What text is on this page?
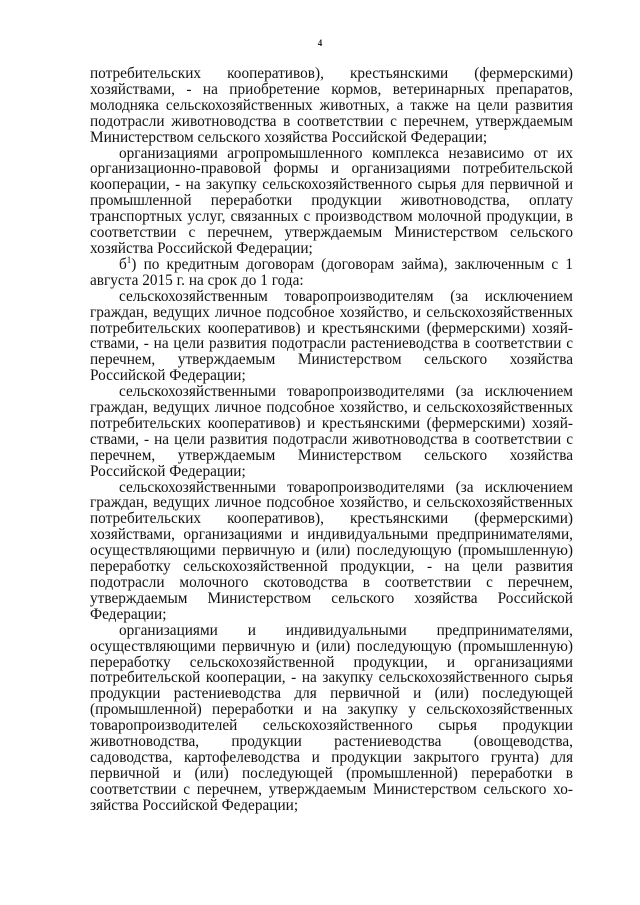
4

потребительских кооперативов), крестьянскими (фермерскими) хозяйствами, - на приобретение кормов, ветеринарных препаратов, молодняка сельскохозяйственных животных, а также на цели развития подотрасли животноводства в соответствии с перечнем, утверждаемым Министерством сельского хозяйства Российской Федерации;

организациями агропромышленного комплекса независимо от их организационно-правовой формы и организациями потребительской кооперации, - на закупку сельскохозяйственного сырья для первичной и промышленной переработки продукции животноводства, оплату транспортных услуг, связанных с производством молочной продукции, в соответствии с перечнем, утверждаемым Министерством сельского хозяйства Российской Федерации;

$б^1$) по кредитным договорам (договорам займа), заключенным с 1 августа 2015 г. на срок до 1 года:

сельскохозяйственным товаропроизводителям (за исключением граждан, ведущих личное подсобное хозяйство, и сельскохозяйственных потребительских кооперативов) и крестьянскими (фермерскими) хозяйствами, - на цели развития подотрасли растениеводства в соответствии с перечнем, утверждаемым Министерством сельского хозяйства Российской Федерации;

сельскохозяйственными товаропроизводителями (за исключением граждан, ведущих личное подсобное хозяйство, и сельскохозяйственных потребительских кооперативов) и крестьянскими (фермерскими) хозяйствами, - на цели развития подотрасли животноводства в соответствии с перечнем, утверждаемым Министерством сельского хозяйства Российской Федерации;

сельскохозяйственными товаропроизводителями (за исключением граждан, ведущих личное подсобное хозяйство, и сельскохозяйственных потребительских кооперативов), крестьянскими (фермерскими) хозяйствами, организациями и индивидуальными предпринимателями, осуществляющими первичную и (или) последующую (промышленную) переработку сельскохозяйственной продукции, - на цели развития подотрасли молочного скотоводства в соответствии с перечнем, утверждаемым Министерством сельского хозяйства Российской Федерации;

организациями и индивидуальными предпринимателями, осуществляющими первичную и (или) последующую (промышленную) переработку сельскохозяйственной продукции, и организациями потребительской кооперации, - на закупку сельскохозяйственного сырья продукции растениеводства для первичной и (или) последующей (промышленной) переработки и на закупку у сельскохозяйственных товаропроизводителей сельскохозяйственного сырья продукции животноводства, продукции растениеводства (овощеводства, садоводства, картофелеводства и продукции закрытого грунта) для первичной и (или) последующей (промышленной) переработки в соответствии с перечнем, утверждаемым Министерством сельского хозяйства Российской Федерации;
